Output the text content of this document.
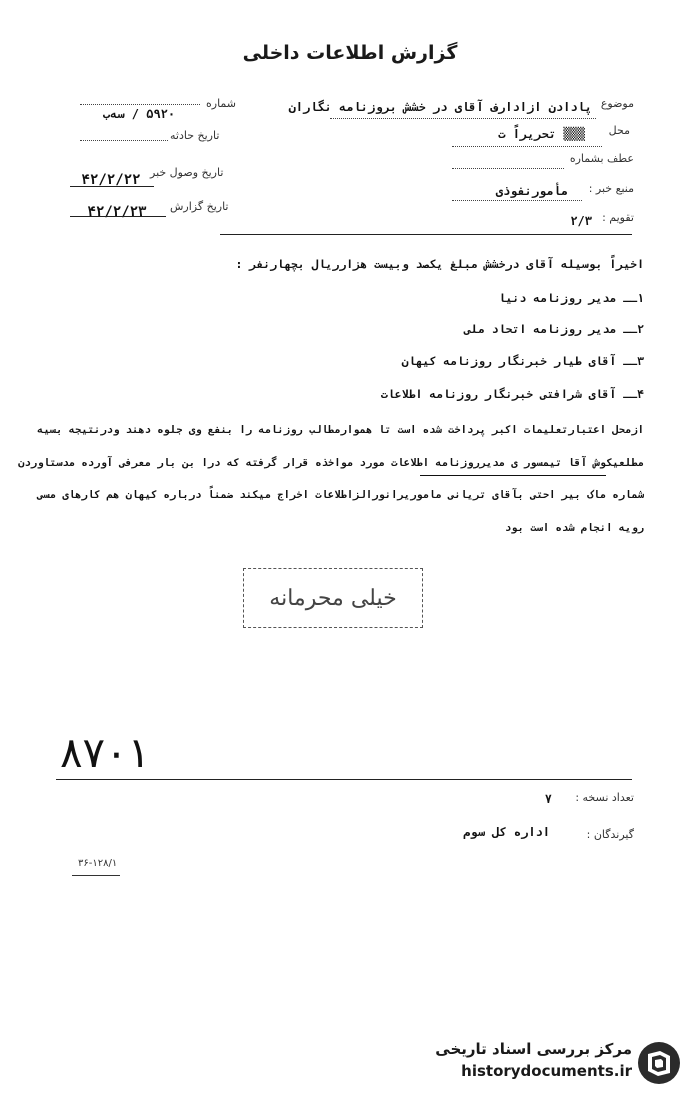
گزارش اطلاعات داخلی
موضوع
پادادن ازادارف آقای در خشش بروزنامه نگاران
محل
▒▒▒ تحریراً ت
عطف بشماره
منبع خبر :
مأمورنفوذی
تقویم :
۲/۳
شماره
۵۹۲۰ / سه‌ب
تاریخ حادثه
تاریخ وصول خبر
۴۲/۲/۲۲
تاریخ گزارش
۴۲/۲/۲۳
اخیراً بوسیله آقای درخشش مبلغ یکصد وبیست هزارریال بچهارنفر :
۱ــ مدیر روزنامه دنیا
۲ــ مدیر روزنامه اتحاد ملی
۳ــ آقای طیار خبرنگار روزنامه کیهان
۴ــ آقای شرافتی خبرنگار روزنامه اطلاعات
ازمحل اعتبارتعلیمات اکبر پرداخت شده است تا هموارمطالب روزنامه را بنفع وی جلوه دهند ودرنتیجه بسیه
مطلعیکوش آقا تیمسور ی مدیرروزنامه اطلاعات مورد مواخذه قرار گرفته که درا بن بار معرفی‌ آورده مدستاوردن
شماره ماک بیر احتی بآقای تریانی ماموریرانورالزاطلاعات اخراج میکند ضمناً درباره کیهان هم کارهای مسی
رویه انجام شده است بود
خیلی محرمانه
۸۷۰۱
تعداد نسخه :
۷
گیرندگان :
اداره کل سوم
۳۶-۱۲۸/۱
مرکز بررسی اسناد تاریخی
historydocuments.ir
